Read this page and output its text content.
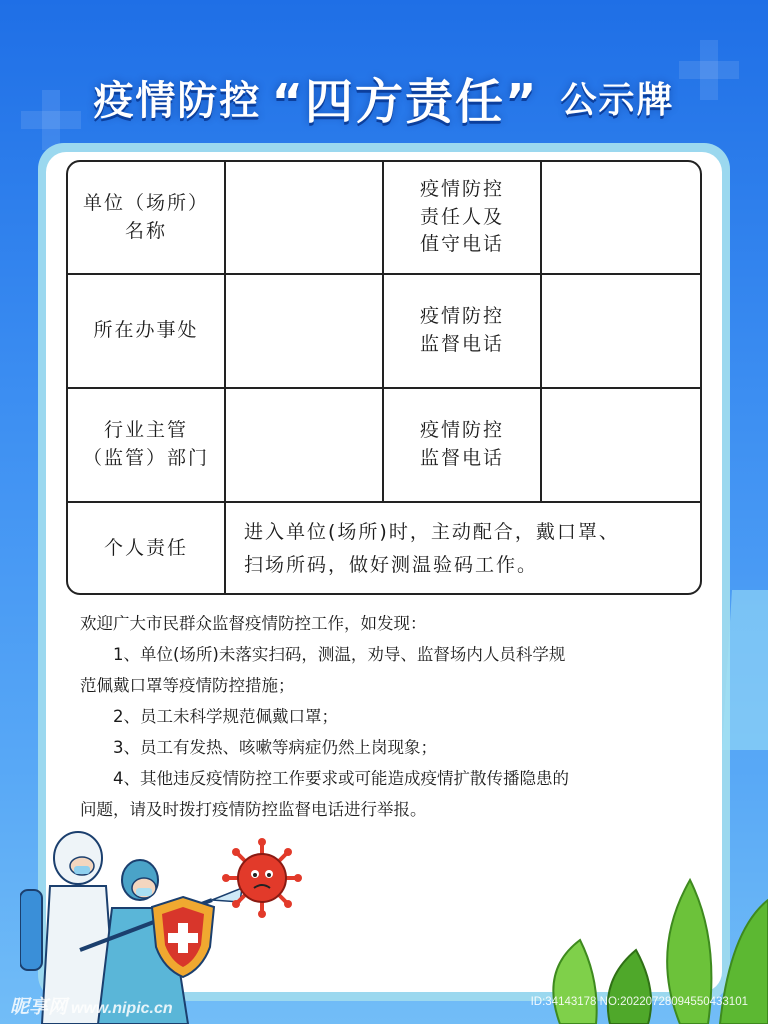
疫情防控 “四方责任” 公示牌
单位（场所）
名称
疫情防控
责任人及
值守电话
所在办事处
疫情防控
监督电话
行业主管
（监管）部门
疫情防控
监督电话
个人责任
进入单位(场所)时，主动配合，戴口罩、
扫场所码，做好测温验码工作。

欢迎广大市民群众监督疫情防控工作，如发现：

1、单位(场所)未落实扫码，测温，劝导、监督场内人员科学规

范佩戴口罩等疫情防控措施；

2、员工未科学规范佩戴口罩；

3、员工有发热、咳嗽等病症仍然上岗现象；

4、其他违反疫情防控工作要求或可能造成疫情扩散传播隐患的

问题，请及时拨打疫情防控监督电话进行举报。

昵享网 www.nipic.cn	ID:34143178 NO:20220728094550433101
